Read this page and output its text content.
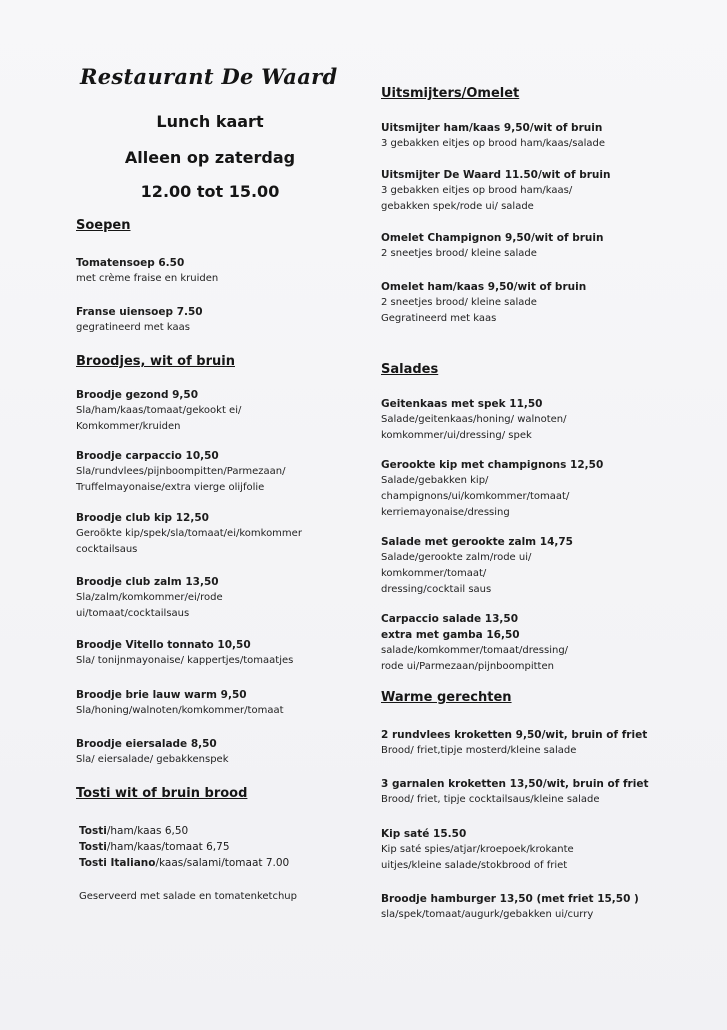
Restaurant De Waard
Lunch kaart
Alleen op zaterdag
12.00 tot 15.00
Soepen
Tomatensoep 6.50
met crème fraise en kruiden
Franse uiensoep 7.50
gegratineerd met kaas
Broodjes, wit of bruin
Broodje gezond 9,50
Sla/ham/kaas/tomaat/gekookt ei/
Komkommer/kruiden
Broodje carpaccio 10,50
Sla/rundvlees/pijnboompitten/Parmezaan/
Truffelmayonaise/extra vierge olijfolie
Broodje club kip 12,50
Geroökte kip/spek/sla/tomaat/ei/komkommer
cocktailsaus
Broodje club zalm 13,50
Sla/zalm/komkommer/ei/rode
ui/tomaat/cocktailsaus
Broodje Vitello tonnato 10,50
Sla/ tonijnmayonaise/ kappertjes/tomaatjes
Broodje brie lauw warm 9,50
Sla/honing/walnoten/komkommer/tomaat
Broodje eiersalade 8,50
Sla/ eiersalade/ gebakkenspek
Tosti wit of bruin brood
Tosti/ham/kaas 6,50
Tosti/ham/kaas/tomaat 6,75
Tosti Italiano/kaas/salami/tomaat 7.00
Geserveerd met salade en tomatenketchup
Uitsmijters/Omelet
Uitsmijter ham/kaas 9,50/wit of bruin
3 gebakken eitjes op brood ham/kaas/salade
Uitsmijter De Waard 11.50/wit of bruin
3 gebakken eitjes op brood ham/kaas/
gebakken spek/rode ui/ salade
Omelet Champignon 9,50/wit of bruin
2 sneetjes brood/ kleine salade
Omelet ham/kaas 9,50/wit of bruin
2 sneetjes brood/ kleine salade
Gegratineerd met kaas
Salades
Geitenkaas met spek 11,50
Salade/geitenkaas/honing/ walnoten/
komkommer/ui/dressing/ spek
Gerookte kip met champignons 12,50
Salade/gebakken kip/
champignons/ui/komkommer/tomaat/
kerriemayonaise/dressing
Salade met gerookte zalm 14,75
Salade/gerookte zalm/rode ui/
komkommer/tomaat/
dressing/cocktail saus
Carpaccio salade 13,50
extra met gamba 16,50
salade/komkommer/tomaat/dressing/
rode ui/Parmezaan/pijnboompitten
Warme gerechten
2 rundvlees kroketten 9,50/wit, bruin of friet
Brood/ friet,tipje mosterd/kleine salade
3 garnalen kroketten 13,50/wit, bruin of friet
Brood/ friet, tipje cocktailsaus/kleine salade
Kip saté 15.50
Kip saté spies/atjar/kroepoek/krokante
uitjes/kleine salade/stokbrood of friet
Broodje hamburger 13,50 (met friet 15,50 )
sla/spek/tomaat/augurk/gebakken ui/curry
